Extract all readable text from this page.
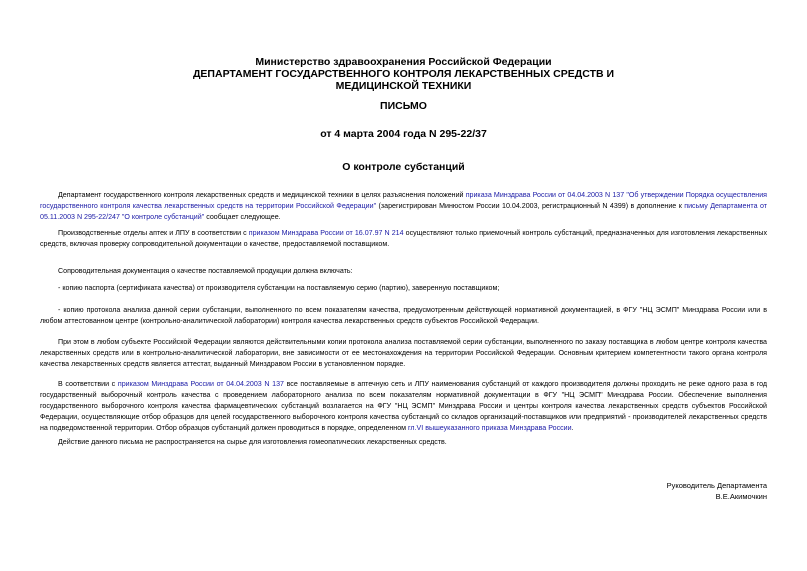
Министерство здравоохранения Российской Федерации
ДЕПАРТАМЕНТ ГОСУДАРСТВЕННОГО КОНТРОЛЯ ЛЕКАРСТВЕННЫХ СРЕДСТВ И
МЕДИЦИНСКОЙ ТЕХНИКИ
ПИСЬМО
от 4 марта 2004 года N 295-22/37
О контроле субстанций

Департамент государственного контроля лекарственных средств и медицинской техники в целях разъяснения положений приказа Минздрава России от 04.04.2003 N 137 "Об утверждении Порядка осуществления государственного контроля качества лекарственных средств на территории Российской Федерации" (зарегистрирован Минюстом России 10.04.2003, регистрационный N 4399) в дополнение к письму Департамента от 05.11.2003 N 295-22/247 "О контроле субстанций" сообщает следующее.

Производственные отделы аптек и ЛПУ в соответствии с приказом Минздрава России от 16.07.97 N 214 осуществляют только приемочный контроль субстанций, предназначенных для изготовления лекарственных средств, включая проверку сопроводительной документации о качестве, предоставляемой поставщиком.

Сопроводительная документация о качестве поставляемой продукции должна включать:

- копию паспорта (сертификата качества) от производителя субстанции на поставляемую серию (партию), заверенную поставщиком;

- копию протокола анализа данной серии субстанции, выполненного по всем показателям качества, предусмотренным действующей нормативной документацией, в ФГУ "НЦ ЭСМП" Минздрава России или в любом аттестованном центре (контрольно-аналитической лаборатории) контроля качества лекарственных средств субъектов Российской Федерации.

При этом в любом субъекте Российской Федерации являются действительными копии протокола анализа поставляемой серии субстанции, выполненного по заказу поставщика в любом центре контроля качества лекарственных средств или в контрольно-аналитической лаборатории, вне зависимости от ее местонахождения на территории Российской Федерации. Основным критерием компетентности такого органа контроля качества лекарственных средств является аттестат, выданный Минздравом России в установленном порядке.

В соответствии с приказом Минздрава России от 04.04.2003 N 137 все поставляемые в аптечную сеть и ЛПУ наименования субстанций от каждого производителя должны проходить не реже одного раза в год государственный выборочный контроль качества с проведением лабораторного анализа по всем показателям нормативной документации в ФГУ "НЦ ЭСМП" Минздрава России. Обеспечение выполнения государственного выборочного контроля качества фармацевтических субстанций возлагается на ФГУ "НЦ ЭСМП" Минздрава России и центры контроля качества лекарственных средств субъектов Российской Федерации, осуществляющие отбор образцов для целей государственного выборочного контроля качества субстанций со складов организаций-поставщиков или предприятий - производителей лекарственных средств на подведомственной территории. Отбор образцов субстанций должен проводиться в порядке, определенном гл.VI вышеуказанного приказа Минздрава России.

Действие данного письма не распространяется на сырье для изготовления гомеопатических лекарственных средств.

Руководитель Департамента
В.Е.Акимочкин
